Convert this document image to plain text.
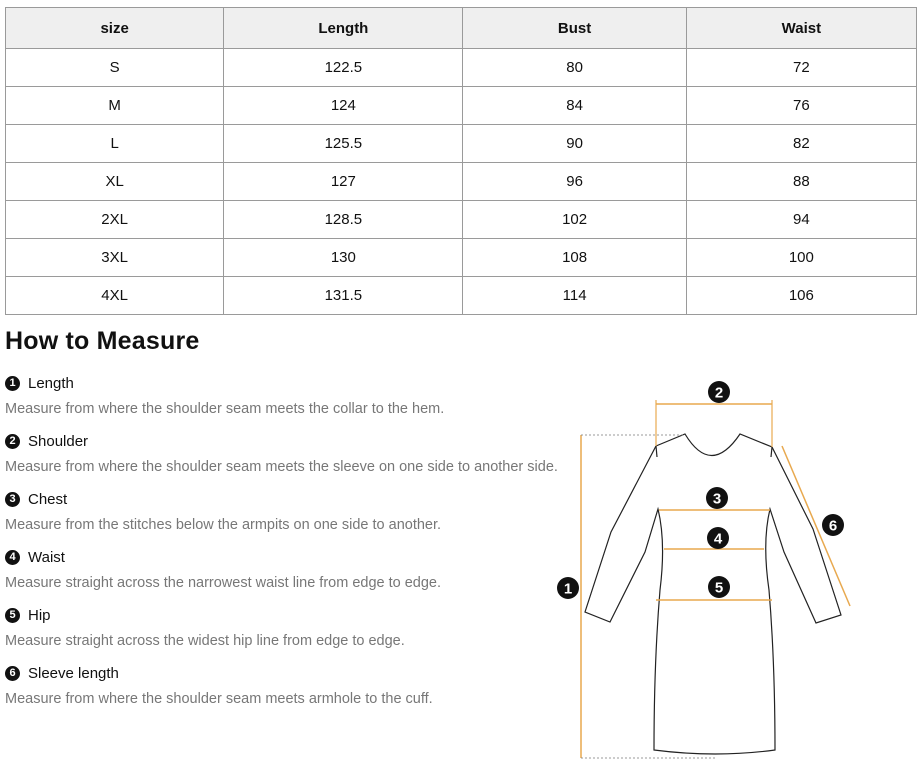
size	Length	Bust	Waist
S	122.5	80	72
M	124	84	76
L	125.5	90	82
XL	127	96	88
2XL	128.5	102	94
3XL	130	108	100
4XL	131.5	114	106
How to Measure
1 Length
Measure from where the shoulder seam meets the collar to the hem.
2 Shoulder
Measure from where the shoulder seam meets the sleeve on one side to another side.
3 Chest
Measure from the stitches below the armpits on one side to another.
4 Waist
Measure straight across the narrowest waist line from edge to edge.
5 Hip
Measure straight across the widest hip line from edge to edge.
6 Sleeve length
Measure from where the shoulder seam meets armhole to the cuff.
2
3
4
5
1
6
